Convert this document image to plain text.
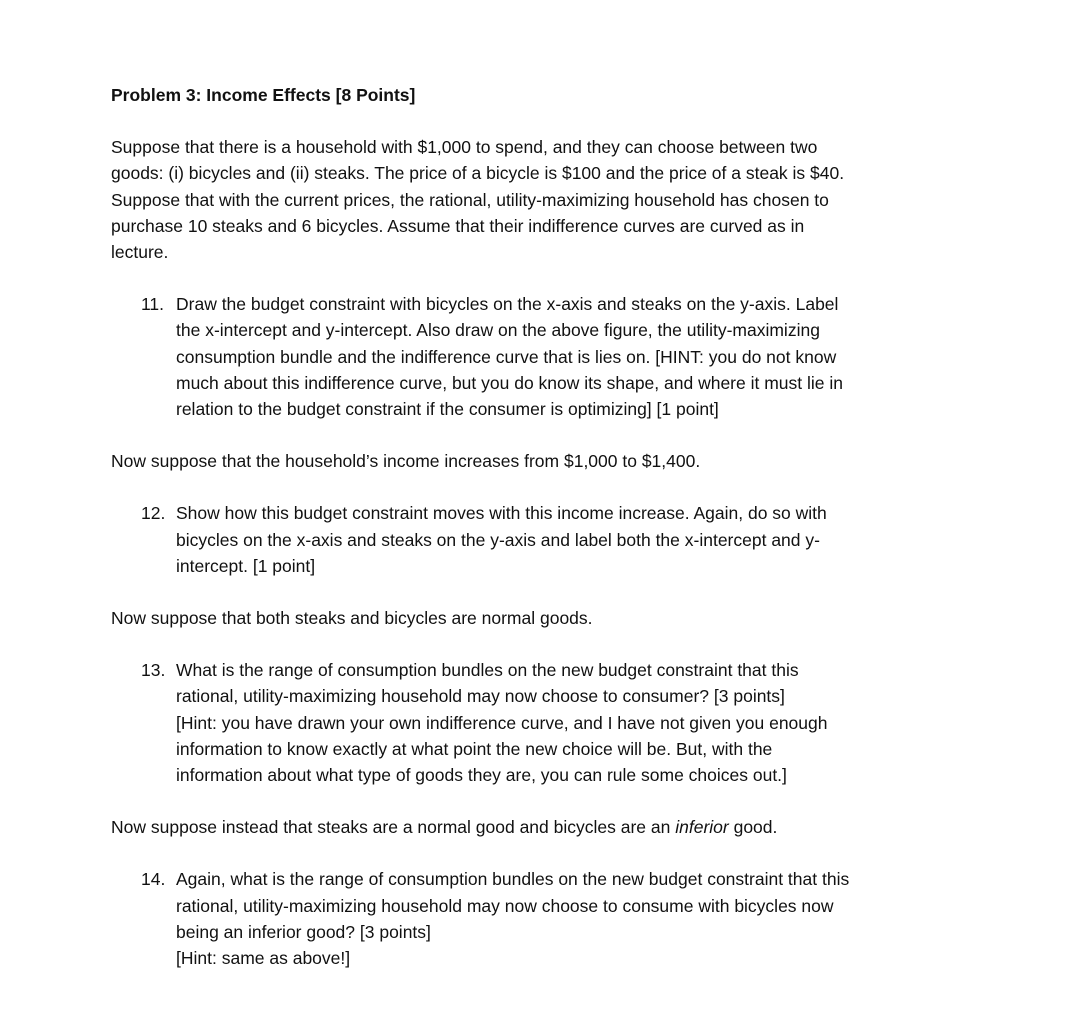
Problem 3: Income Effects [8 Points]
Suppose that there is a household with $1,000 to spend, and they can choose between two
goods: (i) bicycles and (ii) steaks. The price of a bicycle is $100 and the price of a steak is $40.
Suppose that with the current prices, the rational, utility-maximizing household has chosen to
purchase 10 steaks and 6 bicycles. Assume that their indifference curves are curved as in
lecture.
11. Draw the budget constraint with bicycles on the x-axis and steaks on the y-axis. Label
the x-intercept and y-intercept. Also draw on the above figure, the utility-maximizing
consumption bundle and the indifference curve that is lies on. [HINT: you do not know
much about this indifference curve, but you do know its shape, and where it must lie in
relation to the budget constraint if the consumer is optimizing] [1 point]
Now suppose that the household’s income increases from $1,000 to $1,400.
12. Show how this budget constraint moves with this income increase. Again, do so with
bicycles on the x-axis and steaks on the y-axis and label both the x-intercept and y-
intercept. [1 point]
Now suppose that both steaks and bicycles are normal goods.
13. What is the range of consumption bundles on the new budget constraint that this
rational, utility-maximizing household may now choose to consumer? [3 points]
[Hint: you have drawn your own indifference curve, and I have not given you enough
information to know exactly at what point the new choice will be. But, with the
information about what type of goods they are, you can rule some choices out.]
Now suppose instead that steaks are a normal good and bicycles are an inferior good.
14. Again, what is the range of consumption bundles on the new budget constraint that this
rational, utility-maximizing household may now choose to consume with bicycles now
being an inferior good? [3 points]
[Hint: same as above!]
